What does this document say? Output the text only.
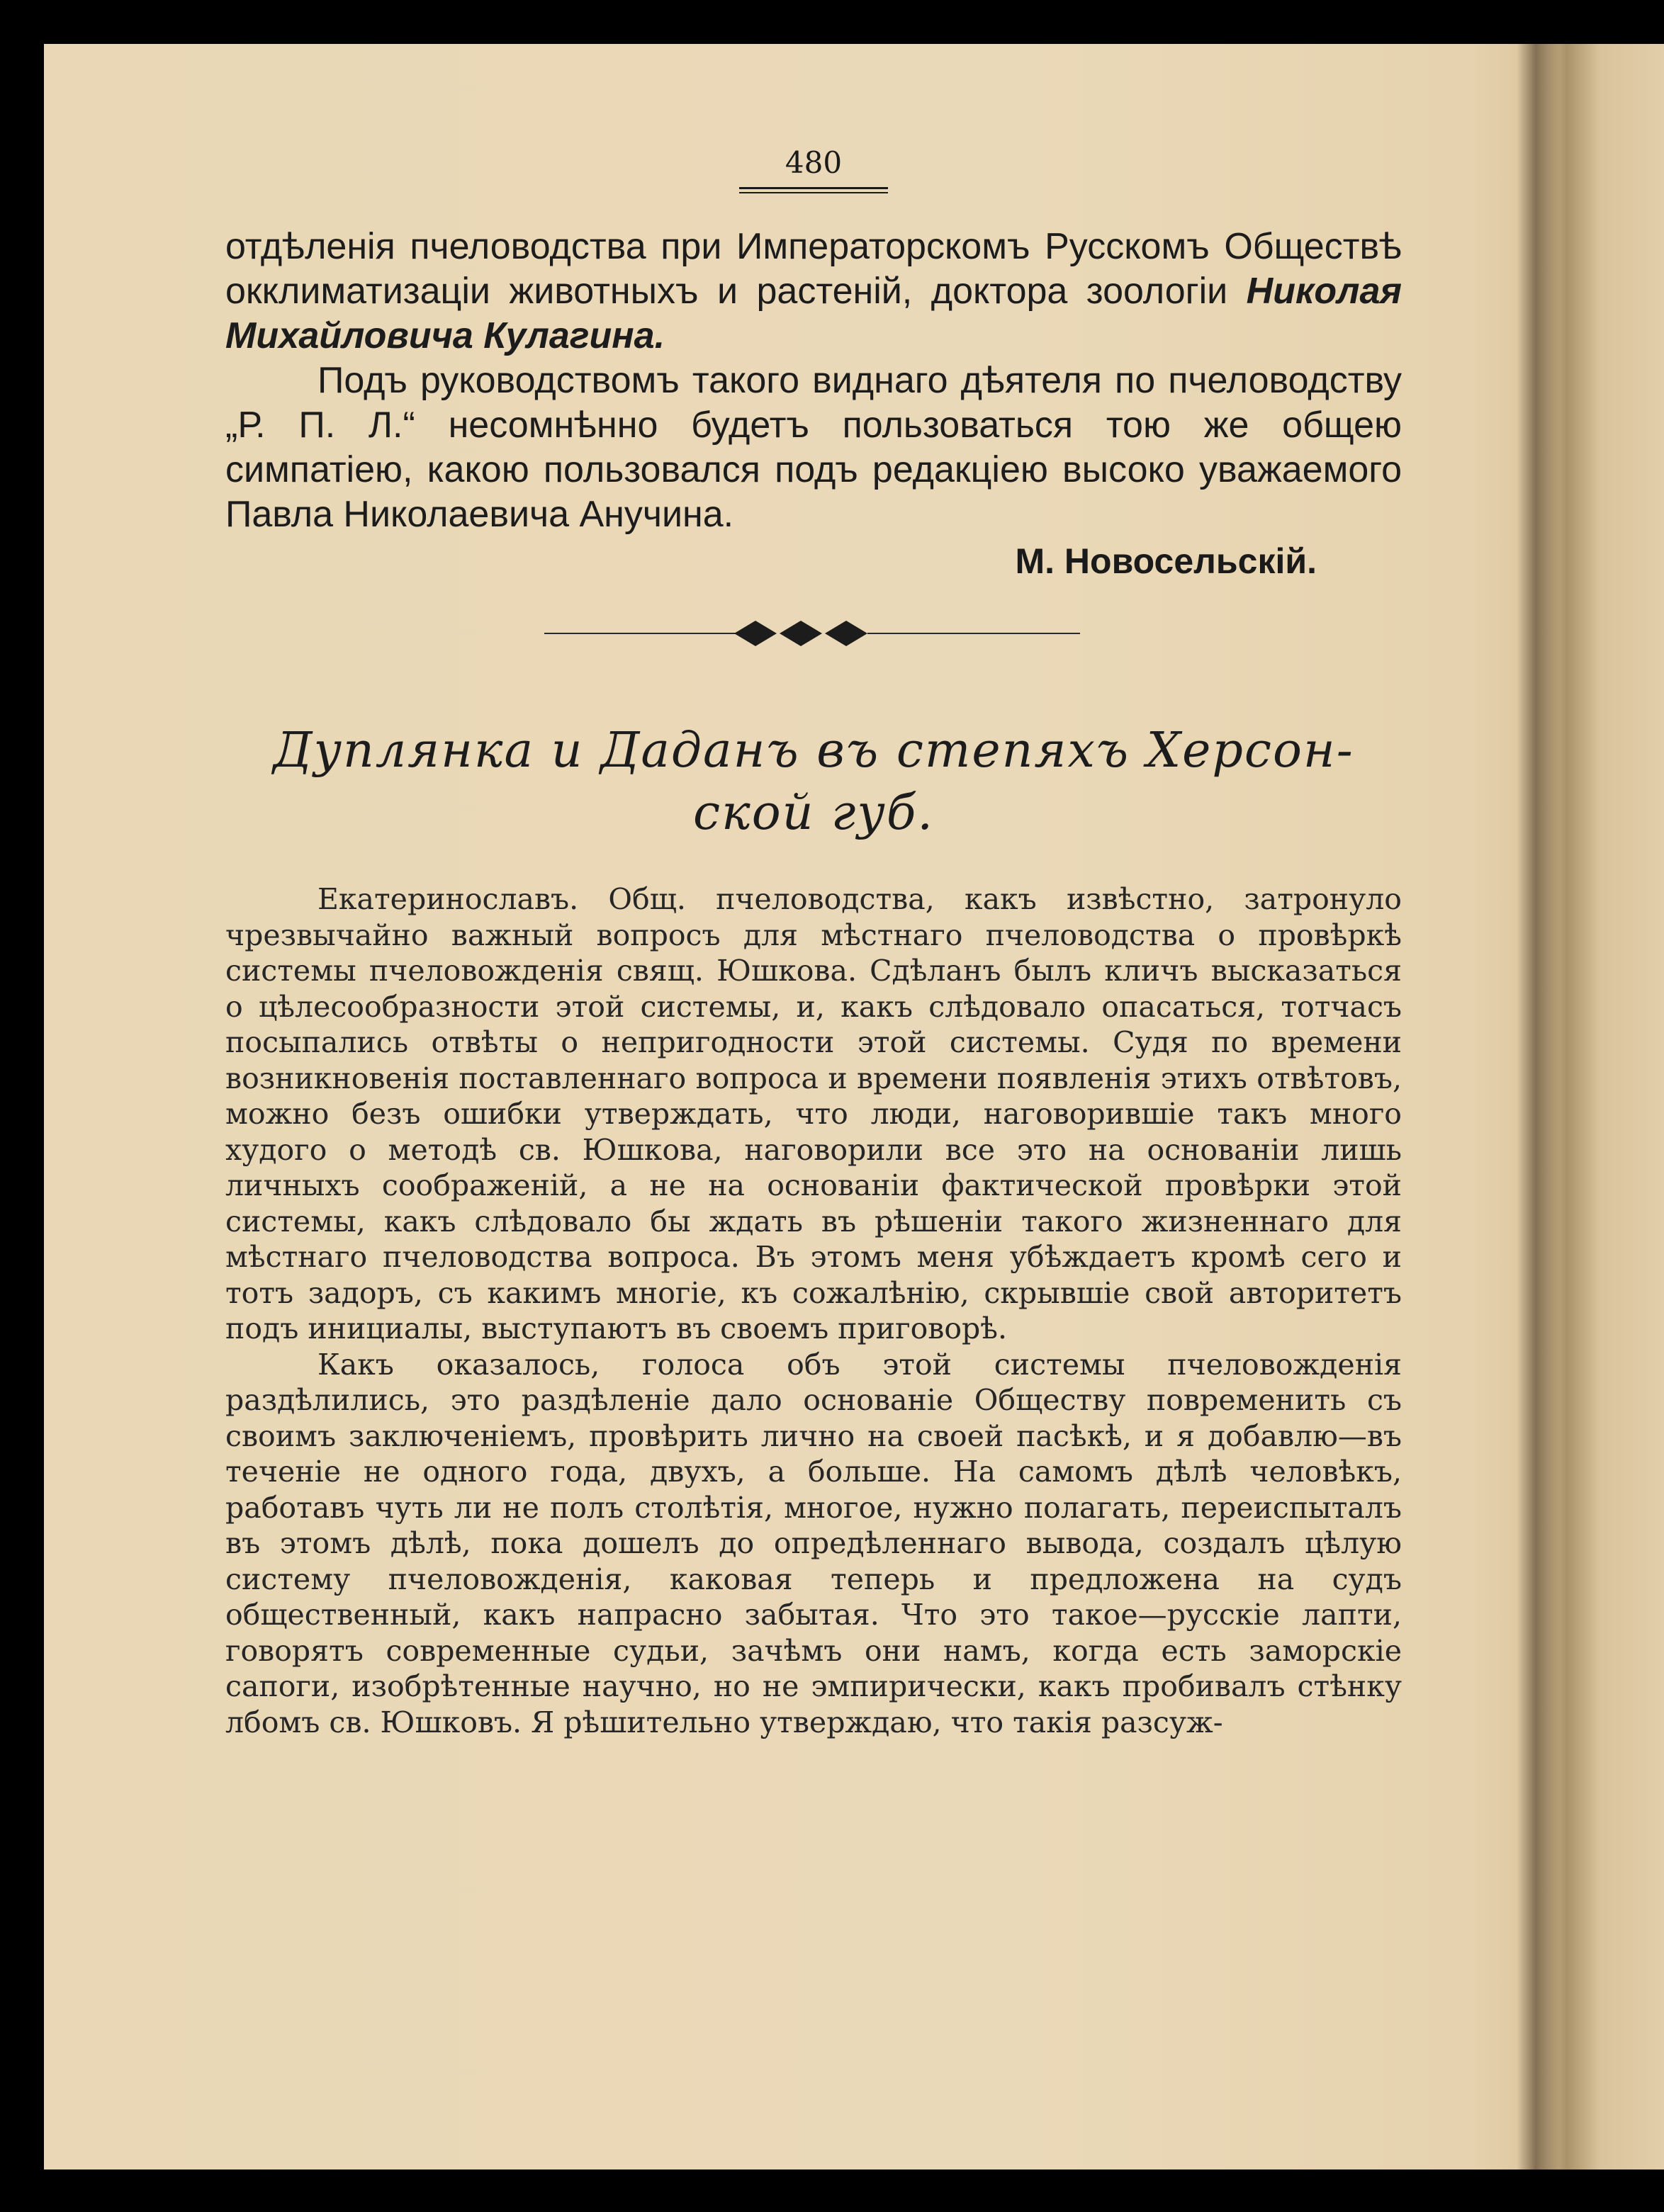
480
отдѣленія пчеловодства при Императорскомъ Русскомъ Обществѣ окклиматизаціи животныхъ и растеній, доктора зоологіи Николая Михайловича Кулагина.
Подъ руководствомъ такого виднаго дѣятеля по пчеловодству „Р. П. Л.“ несомнѣнно будетъ пользоваться тою же общею симпатіею, какою пользовался подъ редакціею высоко уважаемого Павла Николаевича Анучина.
М. Новосельскій.
Дуплянка и Даданъ въ степяхъ Херсон-
ской губ.
Екатеринославъ. Общ. пчеловодства, какъ извѣстно, затронуло чрезвычайно важный вопросъ для мѣстнаго пчеловодства о провѣркѣ системы пчеловожденія свящ. Юшкова. Сдѣланъ былъ кличъ высказаться о цѣлесообразности этой системы, и, какъ слѣдовало опасаться, тотчасъ посыпались отвѣты о непригодности этой системы. Судя по времени возникновенія поставленнаго вопроса и времени появленія этихъ отвѣтовъ, можно безъ ошибки утверждать, что люди, наговорившіе такъ много худого о методѣ св. Юшкова, наговорили все это на основаніи лишь личныхъ соображеній, а не на основаніи фактической провѣрки этой системы, какъ слѣдовало бы ждать въ рѣшеніи такого жизненнаго для мѣстнаго пчеловодства вопроса. Въ этомъ меня убѣждаетъ кромѣ сего и тотъ задоръ, съ какимъ многіе, къ сожалѣнію, скрывшіе свой авторитетъ подъ инициалы, выступаютъ въ своемъ приговорѣ.
Какъ оказалось, голоса объ этой системы пчеловожденія раздѣлились, это раздѣленіе дало основаніе Обществу повременить съ своимъ заключеніемъ, провѣрить лично на своей пасѣкѣ, и я добавлю—въ теченіе не одного года, двухъ, а больше. На самомъ дѣлѣ человѣкъ, работавъ чуть ли не полъ столѣтія, многое, нужно полагать, переиспыталъ въ этомъ дѣлѣ, пока дошелъ до опредѣленнаго вывода, создалъ цѣлую систему пчеловожденія, каковая теперь и предложена на судъ общественный, какъ напрасно забытая. Что это такое—русскіе лапти, говорятъ современные судьи, зачѣмъ они намъ, когда есть заморскіе сапоги, изобрѣтенные научно, но не эмпирически, какъ пробивалъ стѣнку лбомъ св. Юшковъ. Я рѣшительно утверждаю, что такія разсуж-
